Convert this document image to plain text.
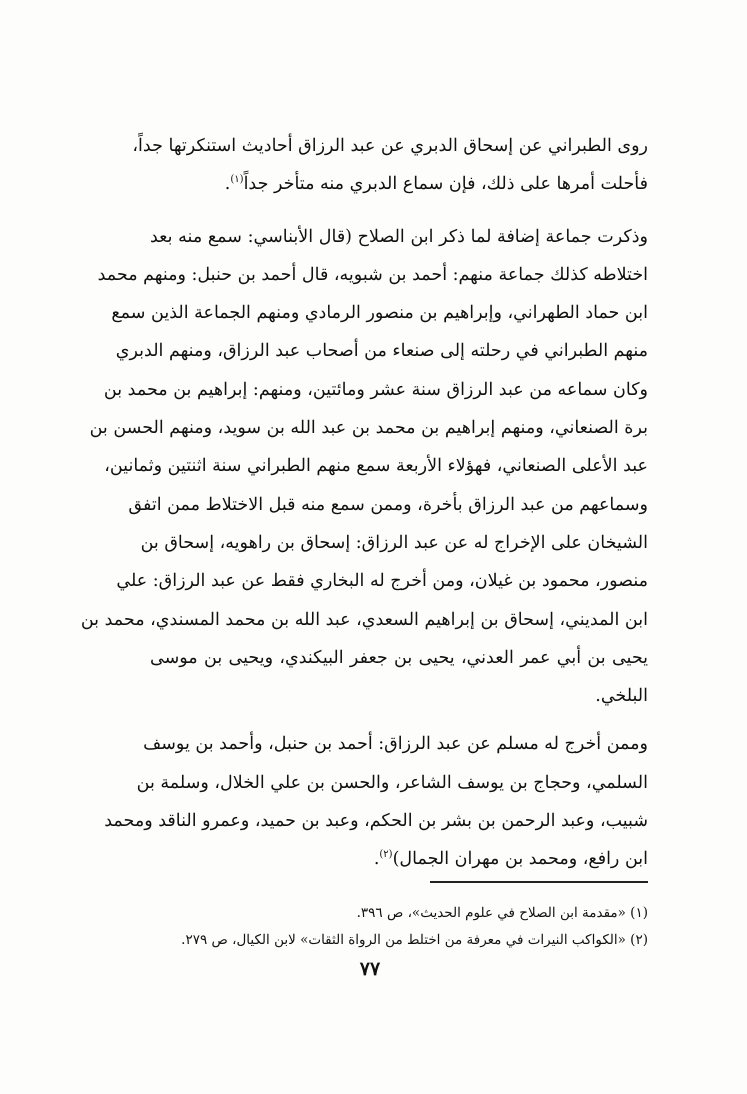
روى الطبراني عن إسحاق الدبري عن عبد الرزاق أحاديث استنكرتها جداً،
فأحلت أمرها على ذلك، فإن سماع الدبري منه متأخر جداً$^{(١)}$.

وذكرت جماعة إضافة لما ذكر ابن الصلاح (قال الأبناسي: سمع منه بعد
اختلاطه كذلك جماعة منهم: أحمد بن شبويه، قال أحمد بن حنبل: ومنهم محمد
ابن حماد الطهراني، وإبراهيم بن منصور الرمادي ومنهم الجماعة الذين سمع
منهم الطبراني في رحلته إلى صنعاء من أصحاب عبد الرزاق، ومنهم الدبري
وكان سماعه من عبد الرزاق سنة عشر ومائتين، ومنهم: إبراهيم بن محمد بن
برة الصنعاني، ومنهم إبراهيم بن محمد بن عبد الله بن سويد، ومنهم الحسن بن
عبد الأعلى الصنعاني، فهؤلاء الأربعة سمع منهم الطبراني سنة اثنتين وثمانين،
وسماعهم من عبد الرزاق بأخرة، وممن سمع منه قبل الاختلاط ممن اتفق
الشيخان على الإخراج له عن عبد الرزاق: إسحاق بن راهويه، إسحاق بن
منصور، محمود بن غيلان، ومن أخرج له البخاري فقط عن عبد الرزاق: علي
ابن المديني، إسحاق بن إبراهيم السعدي، عبد الله بن محمد المسندي، محمد بن
يحيى بن أبي عمر العدني، يحيى بن جعفر البيكندي، ويحيى بن موسى
البلخي.

وممن أخرج له مسلم عن عبد الرزاق: أحمد بن حنبل، وأحمد بن يوسف
السلمي، وحجاج بن يوسف الشاعر، والحسن بن علي الخلال، وسلمة بن
شبيب، وعبد الرحمن بن بشر بن الحكم، وعبد بن حميد، وعمرو الناقد ومحمد
ابن رافع، ومحمد بن مهران الجمال)$^{(٢)}$.

(١) «مقدمة ابن الصلاح في علوم الحديث»، ص ٣٩٦.

(٢) «الكواكب النيرات في معرفة من اختلط من الرواة الثقات» لابن الكيال، ص ٢٧٩.

٧٧
